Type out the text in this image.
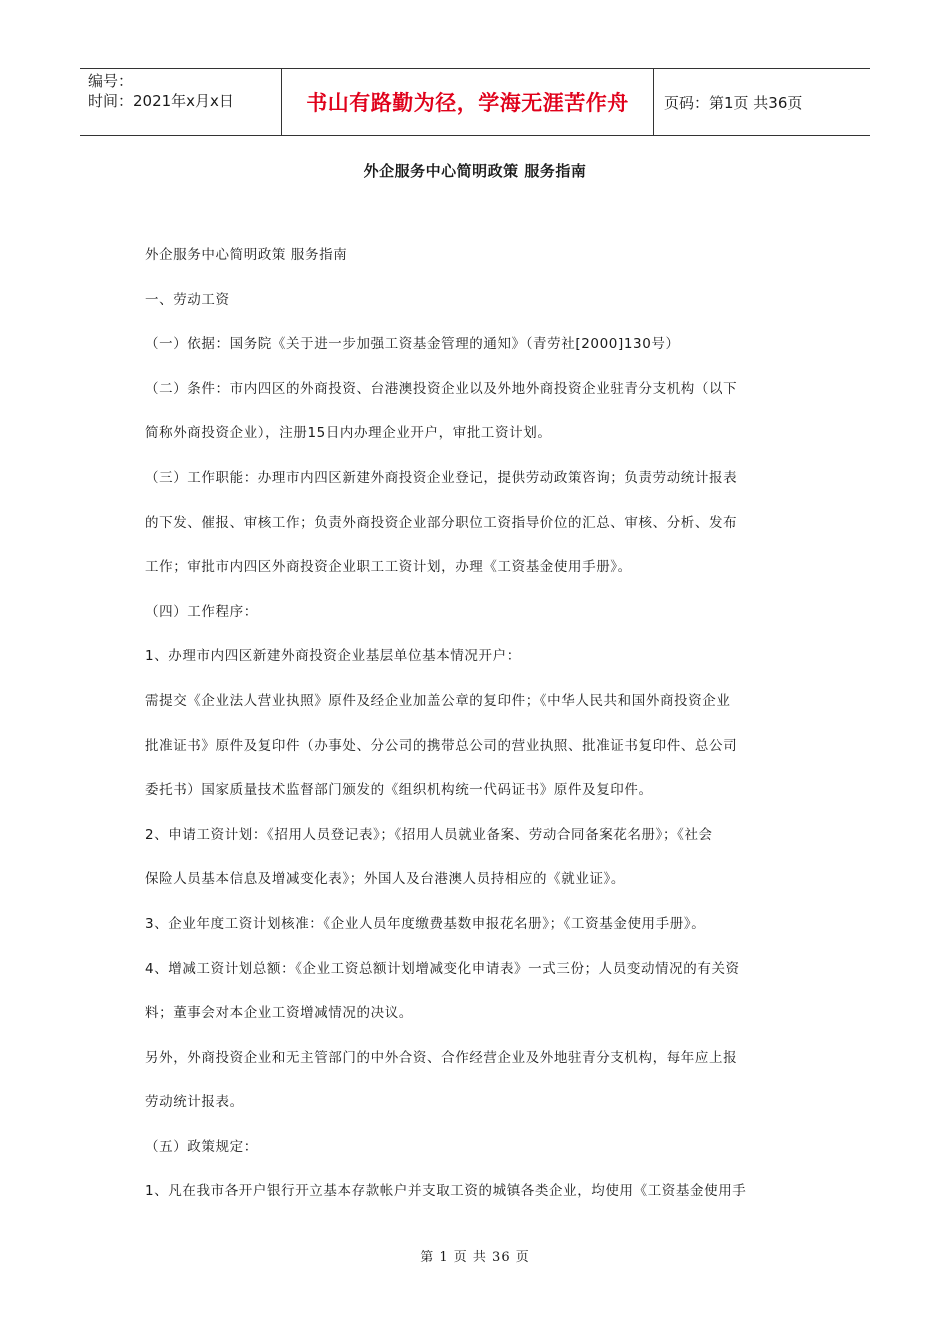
编号：
时间：2021年x月x日	书山有路勤为径，学海无涯苦作舟	页码：第1页 共36页
外企服务中心简明政策 服务指南

外企服务中心简明政策 服务指南

一、劳动工资

（一）依据：国务院《关于进一步加强工资基金管理的通知》（青劳社[2000]130号）

（二）条件：市内四区的外商投资、台港澳投资企业以及外地外商投资企业驻青分支机构（以下

简称外商投资企业），注册15日内办理企业开户，审批工资计划。

（三）工作职能：办理市内四区新建外商投资企业登记，提供劳动政策咨询；负责劳动统计报表

的下发、催报、审核工作；负责外商投资企业部分职位工资指导价位的汇总、审核、分析、发布

工作；审批市内四区外商投资企业职工工资计划，办理《工资基金使用手册》。

（四）工作程序：

1、办理市内四区新建外商投资企业基层单位基本情况开户：

需提交《企业法人营业执照》原件及经企业加盖公章的复印件；《中华人民共和国外商投资企业

批准证书》原件及复印件（办事处、分公司的携带总公司的营业执照、批准证书复印件、总公司

委托书）国家质量技术监督部门颁发的《组织机构统一代码证书》原件及复印件。

2、申请工资计划：《招用人员登记表》；《招用人员就业备案、劳动合同备案花名册》；《社会

保险人员基本信息及增减变化表》；外国人及台港澳人员持相应的《就业证》。

3、企业年度工资计划核准：《企业人员年度缴费基数申报花名册》；《工资基金使用手册》。

4、增减工资计划总额：《企业工资总额计划增减变化申请表》一式三份；人员变动情况的有关资

料；董事会对本企业工资增减情况的决议。

另外，外商投资企业和无主管部门的中外合资、合作经营企业及外地驻青分支机构，每年应上报

劳动统计报表。

（五）政策规定：

1、凡在我市各开户银行开立基本存款帐户并支取工资的城镇各类企业，均使用《工资基金使用手

第 1 页 共 36 页
